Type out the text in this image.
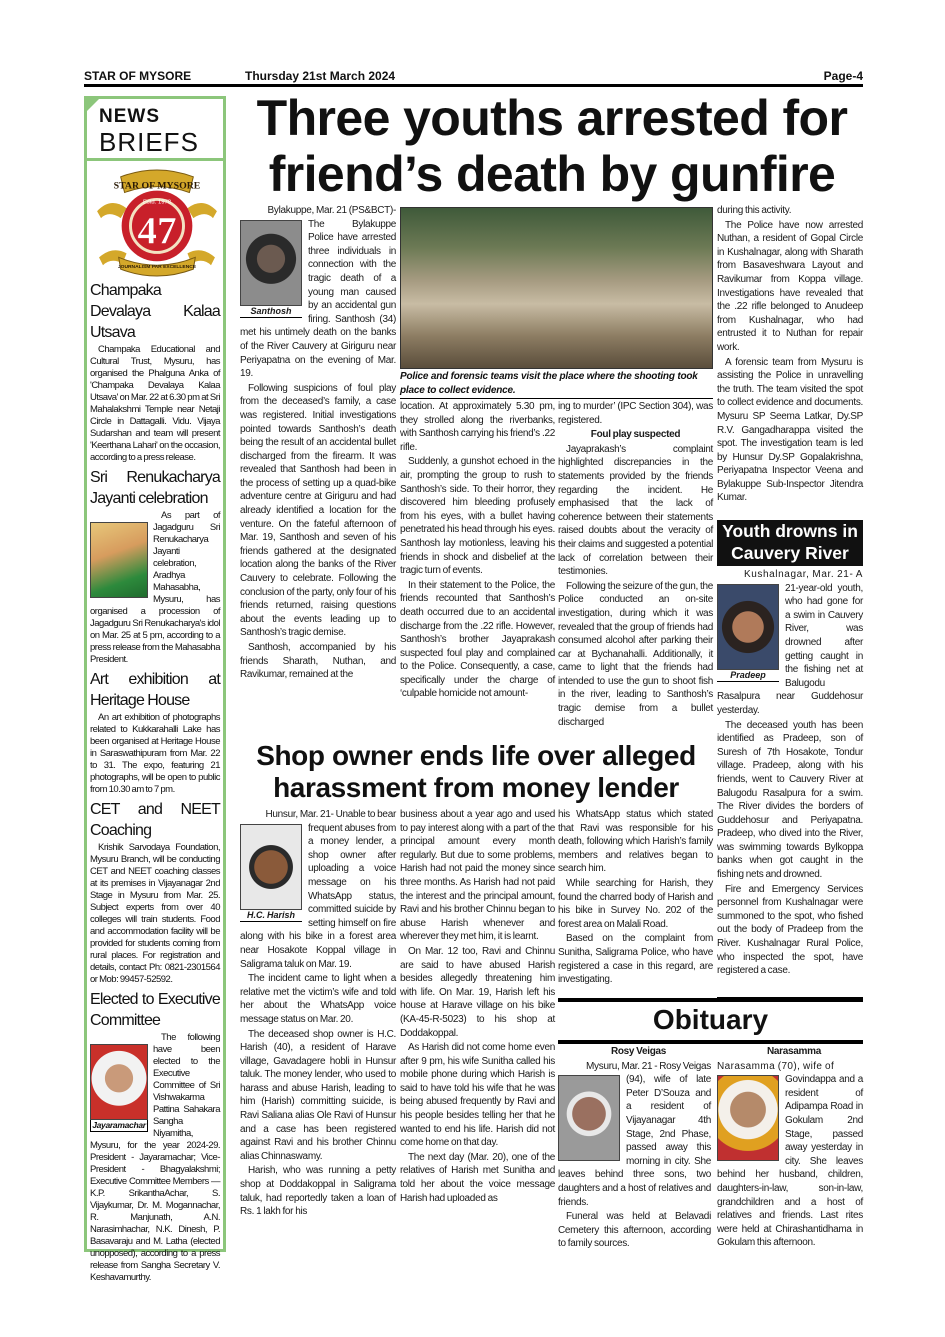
STAR OF MYSORE	Thursday 21st March 2024	Page-4
NEWS
BRIEFS
STAR OF MYSORE
Estd. 1978
47
JOURNALISM PAR EXCELLENCE
Champaka Devalaya Kalaa Utsava

Champaka Educational and Cultural Trust, Mysuru, has organised the Phalguna Anka of 'Champaka Devalaya Kalaa Utsava' on Mar. 22 at 6.30 pm at Sri Mahalakshmi Temple near Netaji Circle in Dattagalli. Vidu. Vijaya Sudarshan and team will present 'Keerthana Lahari' on the occasion, according to a press release.

Sri Renukacharya Jayanti celebration

As part of Jagadguru Sri Renukacharya Jayanti celebration, Aradhya Mahasabha, Mysuru, has organised a procession of Jagadguru Sri Renukacharya's idol on Mar. 25 at 5 pm, according to a press release from the Mahasabha President.

Art exhibition at Heritage House

An art exhibition of photographs related to Kukkarahalli Lake has been organised at Heritage House in Saraswathipuram from Mar. 22 to 31. The expo, featuring 21 photographs, will be open to public from 10.30 am to 7 pm.

CET and NEET Coaching

Krishik Sarvodaya Foundation, Mysuru Branch, will be conducting CET and NEET coaching classes at its premises in Vijayanagar 2nd Stage in Mysuru from Mar. 25. Subject experts from over 40 colleges will train students. Food and accommodation facility will be provided for students coming from rural places. For registration and details, contact Ph: 0821-2301564 or Mob: 99457-52592.

Elected to Executive Committee
Jayaramachar

The following have been elected to the Executive Committee of Sri Vishwakarma Pattina Sahakara Sangha Niyamitha, Mysuru, for the year 2024-29. President - Jayaramachar; Vice-President - Bhagyalakshmi; Executive Committee Members — K.P. SrikanthaAchar, S. Vijaykumar, Dr. M. Mogannachar, R. Manjunath, A.N. Narasimhachar, N.K. Dinesh, P. Basavaraju and M. Latha (elected unopposed), according to a press release from Sangha Secretary V. Keshavamurthy.

Three youths arrested for
friend’s death by gunfire

Bylakuppe, Mar. 21 (PS&BCT)-

Santhosh

The Bylakuppe Police have arrested three individuals in connection with the tragic death of a young man caused by an accidental gun firing. Santhosh (34) met his untimely death on the banks of the River Cauvery at Giriguru near Periyapatna on the evening of Mar. 19.

Following suspicions of foul play from the deceased’s family, a case was registered. Initial investigations pointed towards Santhosh’s death being the result of an accidental bullet discharged from the firearm. It was revealed that Santhosh had been in the process of setting up a quad-bike adventure centre at Giriguru and had already identified a location for the venture. On the fateful afternoon of Mar. 19, Santhosh and seven of his friends gathered at the designated location along the banks of the River Cauvery to celebrate. Following the conclusion of the party, only four of his friends returned, raising questions about the events leading up to Santhosh’s tragic demise.

Santhosh, accompanied by his friends Sharath, Nuthan, and Ravikumar, remained at the

Police and forensic teams visit the place where the shooting took place to collect evidence.

location. At approximately 5.30 pm, they strolled along the riverbanks, with Santhosh carrying his friend’s .22 rifle.

Suddenly, a gunshot echoed in the air, prompting the group to rush to Santhosh’s side. To their horror, they discovered him bleeding profusely from his eyes, with a bullet having penetrated his head through his eyes. Santhosh lay motionless, leaving his friends in shock and disbelief at the tragic turn of events.

In their statement to the Police, the friends recounted that Santhosh’s death occurred due to an accidental discharge from the .22 rifle. However, Santhosh’s brother Jayaprakash suspected foul play and complained to the Police. Consequently, a case, specifically under the charge of ‘culpable homicide not amount-

ing to murder’ (IPC Section 304), was registered.

Foul play suspected

Jayaprakash’s complaint highlighted discrepancies in the statements provided by the friends regarding the incident. He emphasised that the lack of coherence between their statements raised doubts about the veracity of their claims and suggested a potential lack of correlation between their testimonies.

Following the seizure of the gun, the Police conducted an on-site investigation, during which it was revealed that the group of friends had consumed alcohol after parking their car at Bychanahalli. Additionally, it came to light that the friends had intended to use the gun to shoot fish in the river, leading to Santhosh’s tragic demise from a bullet discharged

during this activity.

The Police have now arrested Nuthan, a resident of Gopal Circle in Kushalnagar, along with Sharath from Basaveshwara Layout and Ravikumar from Koppa village. Investigations have revealed that the .22 rifle belonged to Anudeep from Kushalnagar, who had entrusted it to Nuthan for repair work.

A forensic team from Mysuru is assisting the Police in unravelling the truth. The team visited the spot to collect evidence and documents. Mysuru SP Seema Latkar, Dy.SP R.V. Gangadharappa visited the spot. The investigation team is led by Hunsur Dy.SP Gopalakrishna, Periyapatna Inspector Veena and Bylakuppe Sub-Inspector Jitendra Kumar.

Youth drowns in
Cauvery River

Kushalnagar, Mar. 21- A

Pradeep

21-year-old youth, who had gone for a swim in Cauvery River, was drowned after getting caught in the fishing net at Balugodu Rasalpura near Guddehosur yesterday.

The deceased youth has been identified as Pradeep, son of Suresh of 7th Hosakote, Tondur village. Pradeep, along with his friends, went to Cauvery River at Balugodu Rasalpura for a swim. The River divides the borders of Guddehosur and Periyapatna. Pradeep, who dived into the River, was swimming towards Bylkoppa banks when got caught in the fishing nets and drowned.

Fire and Emergency Services personnel from Kushalnagar were summoned to the spot, who fished out the body of Pradeep from the River. Kushalnagar Rural Police, who inspected the spot, have registered a case.

Shop owner ends life over alleged
harassment from money lender

Hunsur, Mar. 21- Unable to bear

H.C. Harish

frequent abuses from a money lender, a shop owner after uploading a voice message on his WhatsApp status, committed suicide by setting himself on fire along with his bike in a forest area near Hosakote Koppal village in Saligrama taluk on Mar. 19.

The incident came to light when a relative met the victim’s wife and told her about the WhatsApp voice message status on Mar. 20.

The deceased shop owner is H.C. Harish (40), a resident of Harave village, Gavadagere hobli in Hunsur taluk. The money lender, who used to harass and abuse Harish, leading to him (Harish) committing suicide, is Ravi Saliana alias Ole Ravi of Hunsur and a case has been registered against Ravi and his brother Chinnu alias Chinnaswamy.

Harish, who was running a petty shop at Doddakoppal in Saligrama taluk, had reportedly taken a loan of Rs. 1 lakh for his

business about a year ago and used to pay interest along with a part of the principal amount every month regularly. But due to some problems, Harish had not paid the money since three months. As Harish had not paid the interest and the principal amount, Ravi and his brother Chinnu began to abuse Harish whenever and wherever they met him, it is learnt.

On Mar. 12 too, Ravi and Chinnu are said to have abused Harish besides allegedly threatening him with life. On Mar. 19, Harish left his house at Harave village on his bike (KA-45-R-5023) to his shop at Doddakoppal.

As Harish did not come home even after 9 pm, his wife Sunitha called his mobile phone during which Harish is said to have told his wife that he was being abused frequently by Ravi and his people besides telling her that he wanted to end his life. Harish did not come home on that day.

The next day (Mar. 20), one of the relatives of Harish met Sunitha and told her about the voice message Harish had uploaded as

his WhatsApp status which stated that Ravi was responsible for his death, following which Harish’s family members and relatives began to search him.

While searching for Harish, they found the charred body of Harish and his bike in Survey No. 202 of the forest area on Malali Road.

Based on the complaint from Sunitha, Saligrama Police, who have registered a case in this regard, are investigating.

Obituary

Rosy Veigas

Mysuru, Mar. 21 - Rosy Veigas

(94), wife of late Peter D’Souza and a resident of Vijayanagar 4th Stage, 2nd Phase, passed away this morning in city. She leaves behind three sons, two daughters and a host of relatives and friends.

Funeral was held at Belavadi Cemetery this afternoon, according to family sources.

Narasamma

Narasamma (70), wife of

Govindappa and a resident of Adipampa Road in Gokulam 2nd Stage, passed away yesterday in city. She leaves behind her husband, children, daughters-in-law, son-in-law, grandchildren and a host of relatives and friends. Last rites were held at Chirashantidhama in Gokulam this afternoon.
